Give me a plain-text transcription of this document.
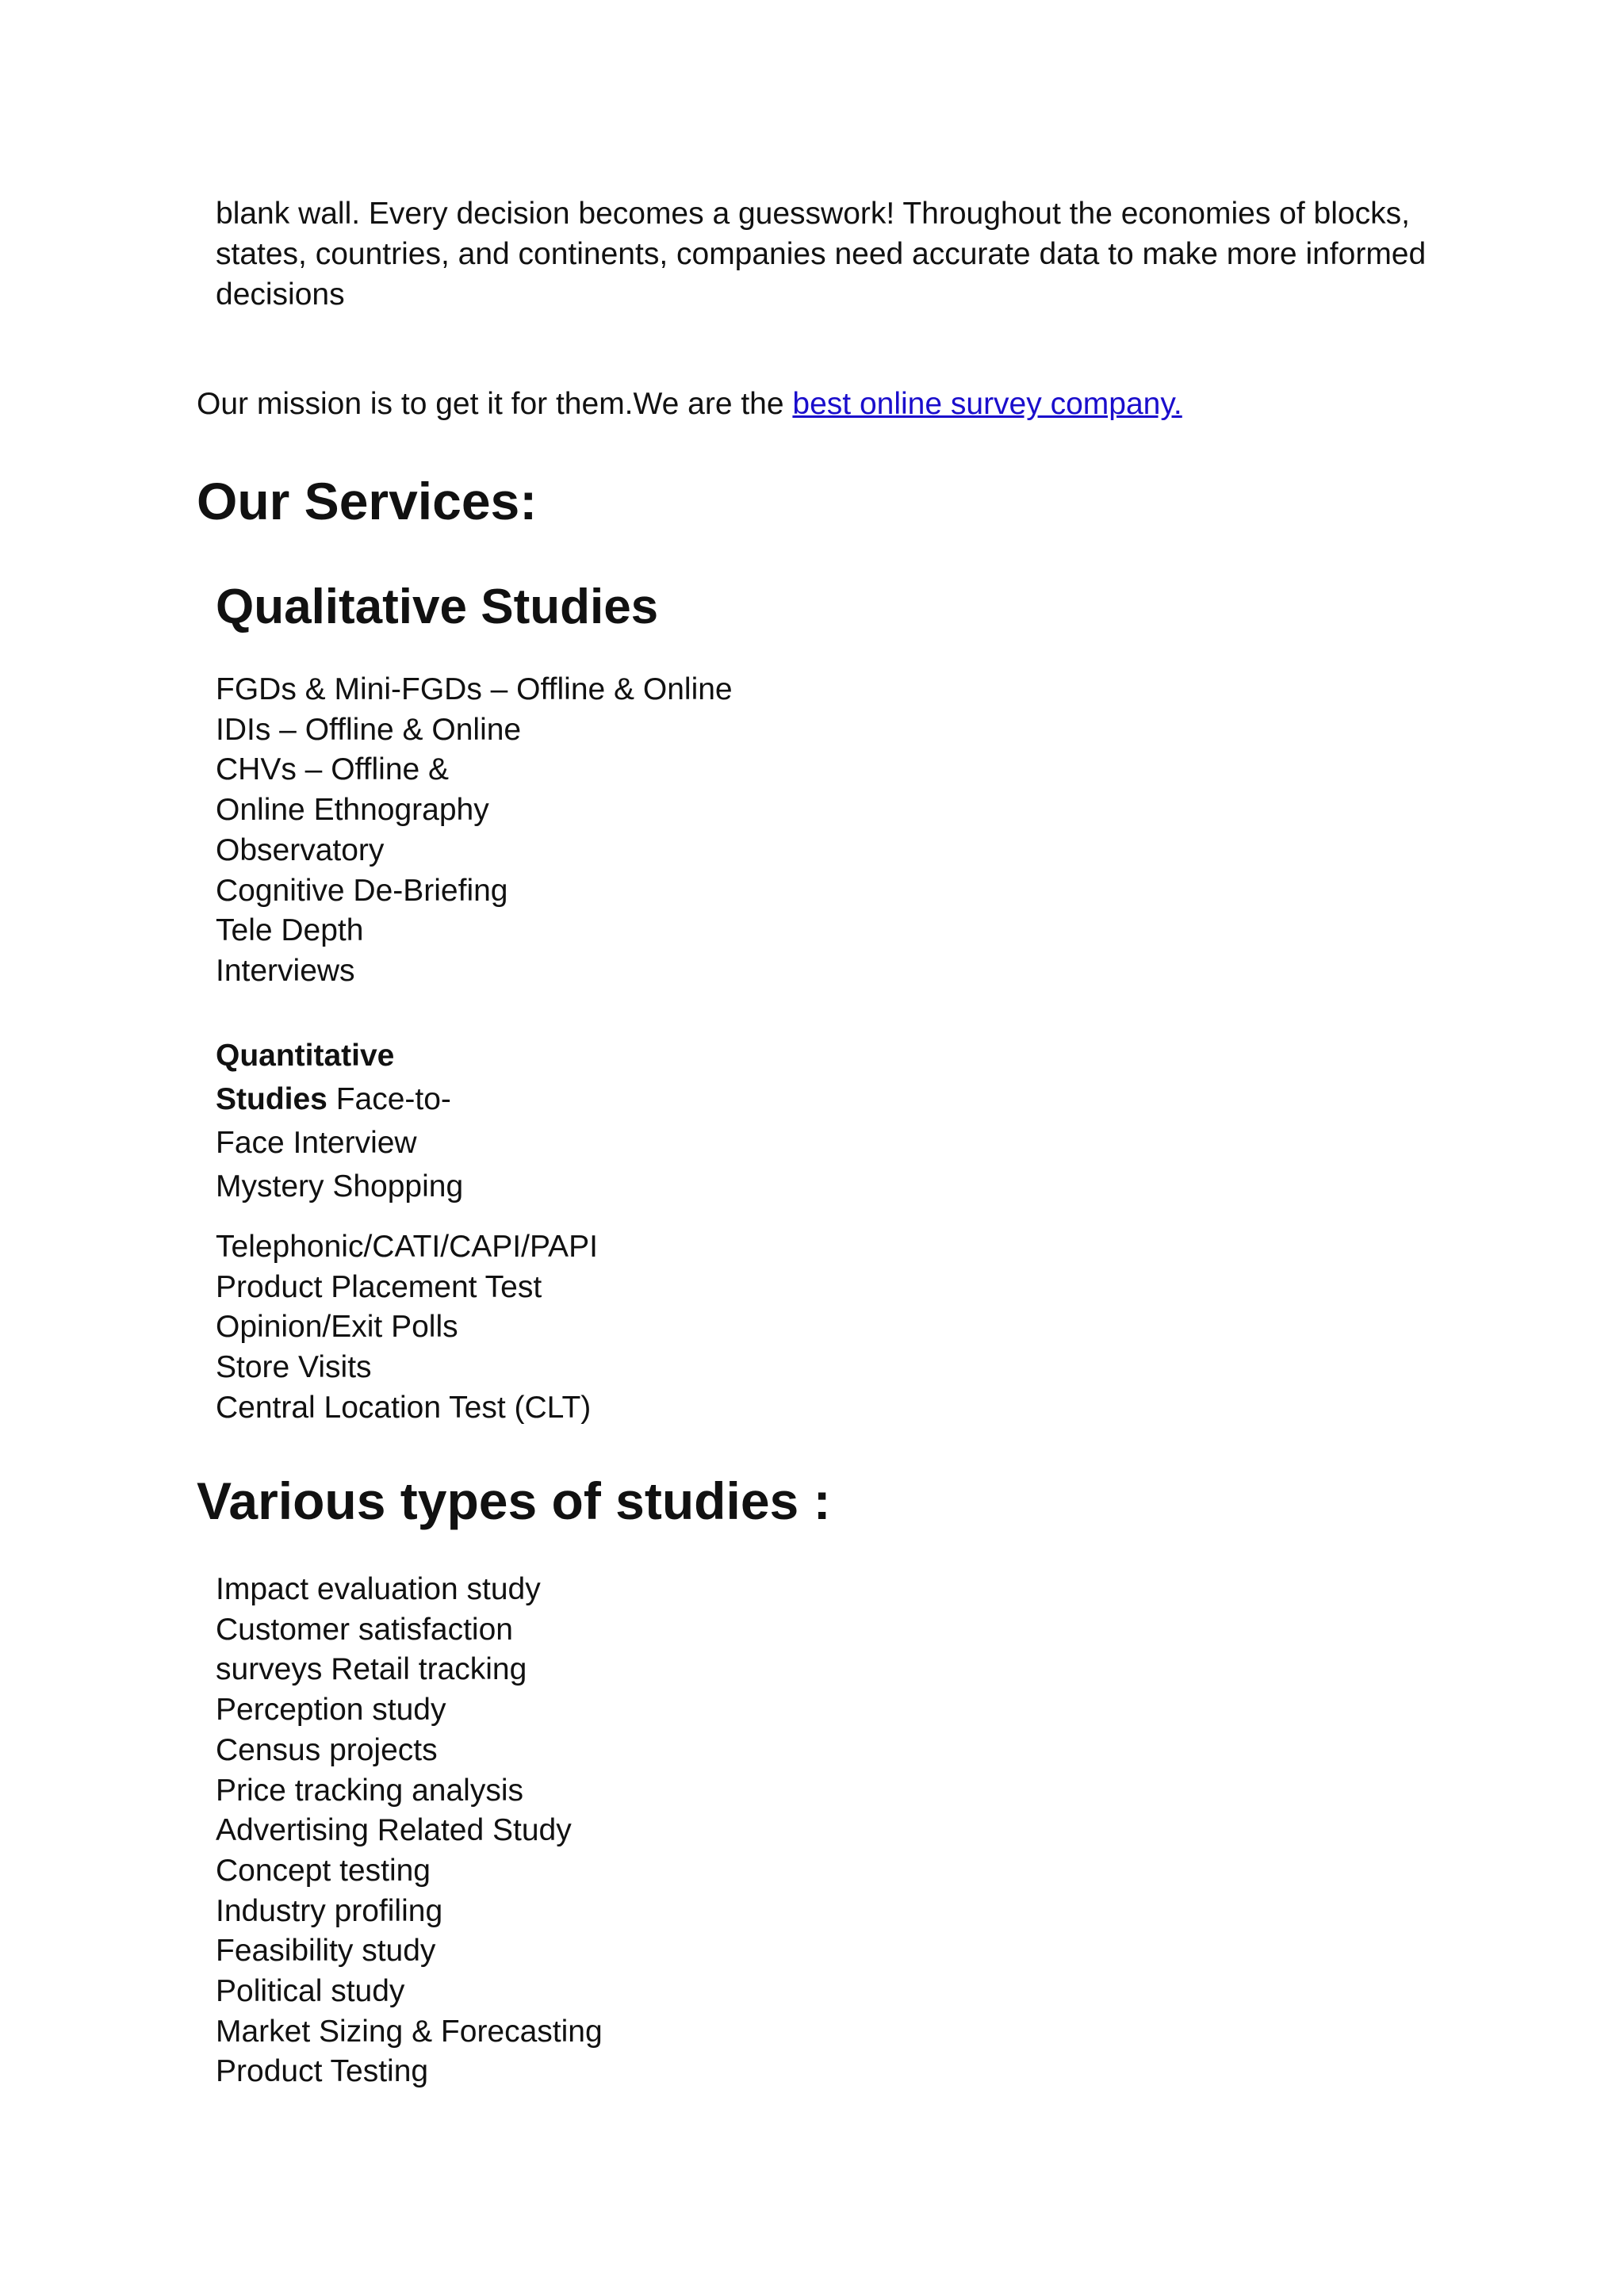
blank wall. Every decision becomes a guesswork! Throughout the economies of blocks,
states, countries, and continents, companies need accurate data to make more informed
decisions
Our mission is to get it for them.We are the best online survey company.
Our Services:
Qualitative Studies
FGDs & Mini-FGDs – Offline & Online
IDIs – Offline & Online
CHVs – Offline &
Online Ethnography
Observatory
Cognitive De-Briefing
Tele Depth
Interviews
Quantitative
Studies Face-to-
Face Interview
Mystery Shopping
Telephonic/CATI/CAPI/PAPI
Product Placement Test
Opinion/Exit Polls
Store Visits
Central Location Test (CLT)
Various types of studies :
Impact evaluation study
Customer satisfaction
surveys Retail tracking
Perception study
Census projects
Price tracking analysis
Advertising Related Study
Concept testing
Industry profiling
Feasibility study
Political study
Market Sizing & Forecasting
Product Testing
